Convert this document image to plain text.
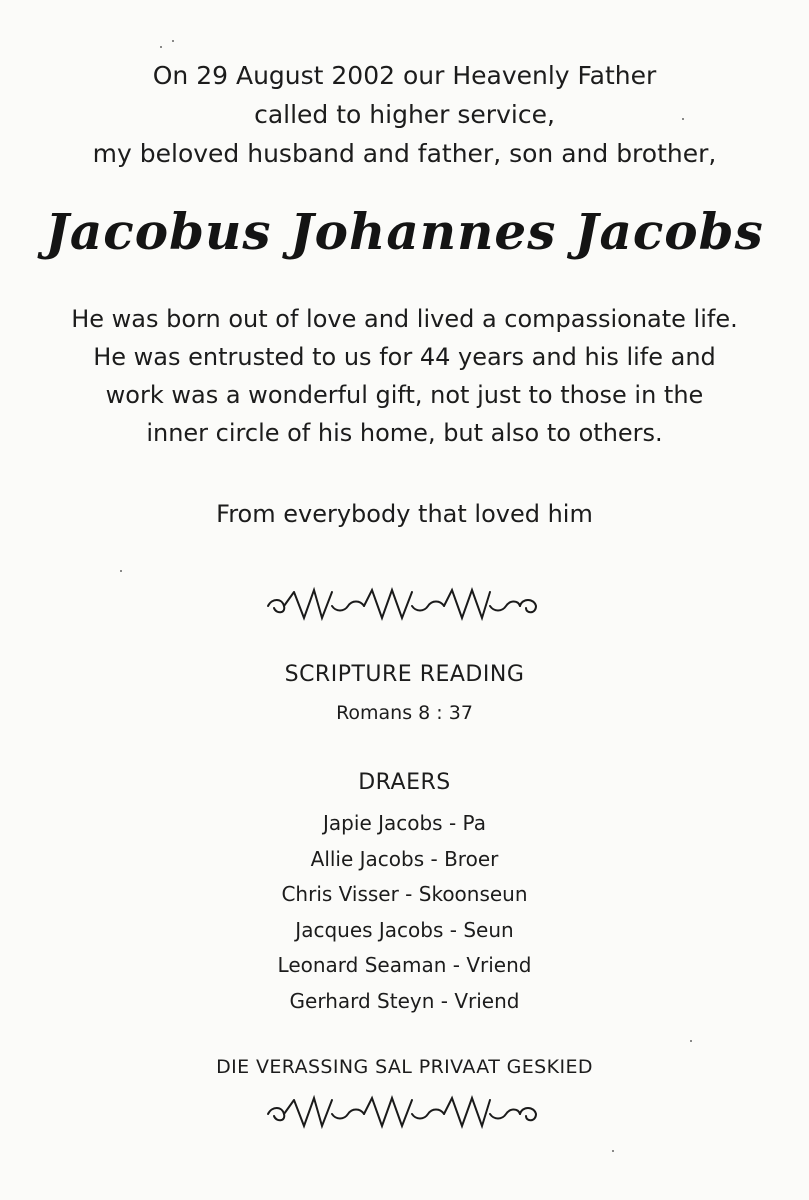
On 29 August 2002 our Heavenly Father
called to higher service,
my beloved husband and father, son and brother,
Jacobus Johannes Jacobs
He was born out of love and lived a compassionate life.
He was entrusted to us for 44 years and his life and
work was a wonderful gift, not just to those in the
inner circle of his home, but also to others.
From everybody that loved him
SCRIPTURE READING
Romans 8 : 37
DRAERS
Japie Jacobs - Pa
Allie Jacobs - Broer
Chris Visser - Skoonseun
Jacques Jacobs - Seun
Leonard Seaman - Vriend
Gerhard Steyn - Vriend
DIE VERASSING SAL PRIVAAT GESKIED
